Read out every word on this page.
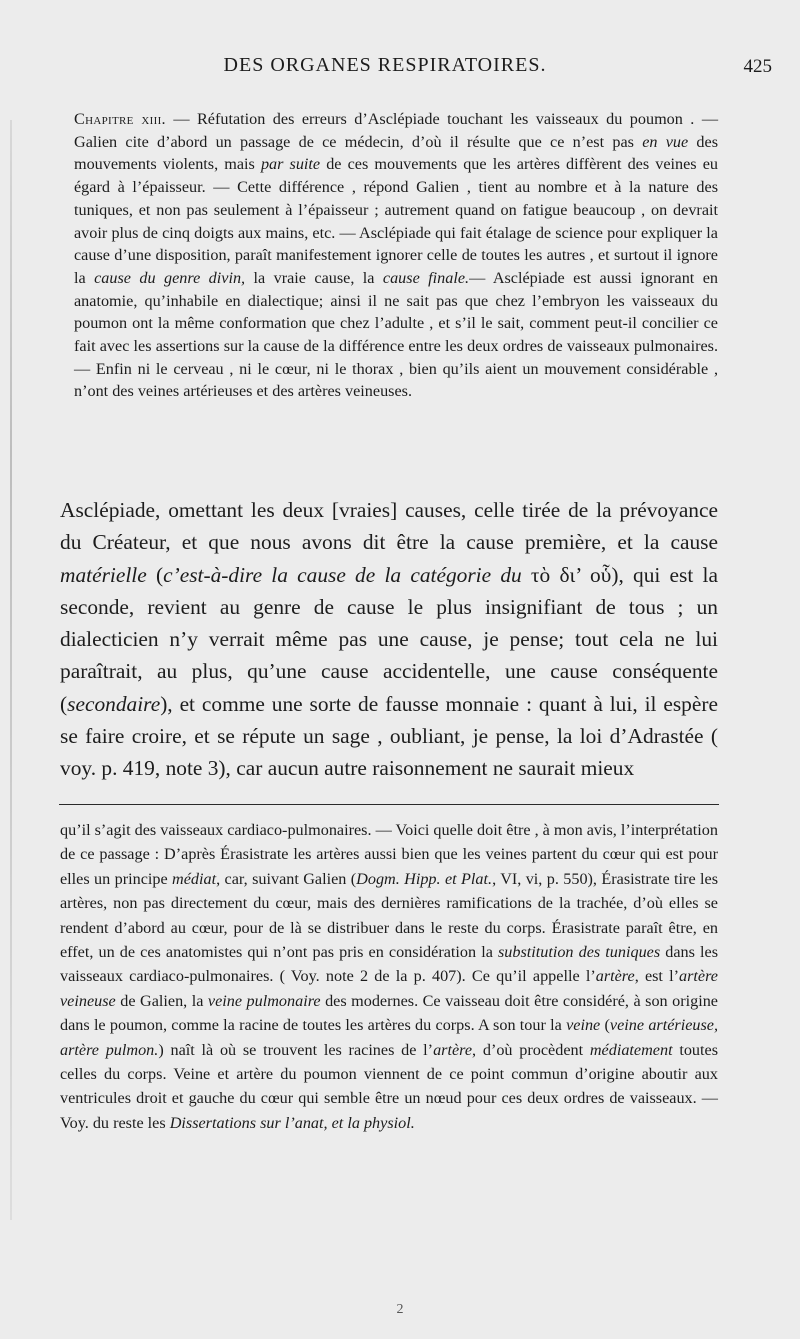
DES ORGANES RESPIRATOIRES.	425

Chapitre xiii. — Réfutation des erreurs d’Asclépiade touchant les vaisseaux du poumon . — Galien cite d’abord un passage de ce médecin, d’où il résulte que ce n’est pas en vue des mouvements violents, mais par suite de ces mouvements que les artères diffèrent des veines eu égard à l’épaisseur. — Cette différence , répond Galien , tient au nombre et à la nature des tuniques, et non pas seulement à l’épaisseur ; autrement quand on fatigue beaucoup , on devrait avoir plus de cinq doigts aux mains, etc. — Asclépiade qui fait étalage de science pour expliquer la cause d’une disposition, paraît manifestement ignorer celle de toutes les autres , et surtout il ignore la cause du genre divin, la vraie cause, la cause finale.— Asclépiade est aussi ignorant en anatomie, qu’inhabile en dialectique; ainsi il ne sait pas que chez l’embryon les vaisseaux du poumon ont la même conformation que chez l’adulte , et s’il le sait, comment peut-il concilier ce fait avec les assertions sur la cause de la différence entre les deux ordres de vaisseaux pulmonaires. — Enfin ni le cerveau , ni le cœur, ni le thorax , bien qu’ils aient un mouvement considérable , n’ont des veines artérieuses et des artères veineuses.

Asclépiade, omettant les deux [vraies] causes, celle tirée de la prévoyance du Créateur, et que nous avons dit être la cause première, et la cause matérielle (c’est-à-dire la cause de la catégorie du τὸ δι’ οὗ), qui est la seconde, revient au genre de cause le plus insignifiant de tous ; un dialecticien n’y verrait même pas une cause, je pense; tout cela ne lui paraîtrait, au plus, qu’une cause accidentelle, une cause conséquente (secondaire), et comme une sorte de fausse monnaie : quant à lui, il espère se faire croire, et se répute un sage , oubliant, je pense, la loi d’Adrastée ( voy. p. 419, note 3), car aucun autre raisonnement ne saurait mieux

qu’il s’agit des vaisseaux cardiaco-pulmonaires. — Voici quelle doit être , à mon avis, l’interprétation de ce passage : D’après Érasistrate les artères aussi bien que les veines partent du cœur qui est pour elles un principe médiat, car, suivant Galien (Dogm. Hipp. et Plat., VI, vi, p. 550), Érasistrate tire les artères, non pas directement du cœur, mais des dernières ramifications de la trachée, d’où elles se rendent d’abord au cœur, pour de là se distribuer dans le reste du corps. Érasistrate paraît être, en effet, un de ces anatomistes qui n’ont pas pris en considération la substitution des tuniques dans les vaisseaux cardiaco-pulmonaires. ( Voy. note 2 de la p. 407). Ce qu’il appelle l’artère, est l’artère veineuse de Galien, la veine pulmonaire des modernes. Ce vaisseau doit être considéré, à son origine dans le poumon, comme la racine de toutes les artères du corps. A son tour la veine (veine artérieuse, artère pulmon.) naît là où se trouvent les racines de l’artère, d’où procèdent médiatement toutes celles du corps. Veine et artère du poumon viennent de ce point commun d’origine aboutir aux ventricules droit et gauche du cœur qui semble être un nœud pour ces deux ordres de vaisseaux. — Voy. du reste les Dissertations sur l’anat, et la physiol.

2
